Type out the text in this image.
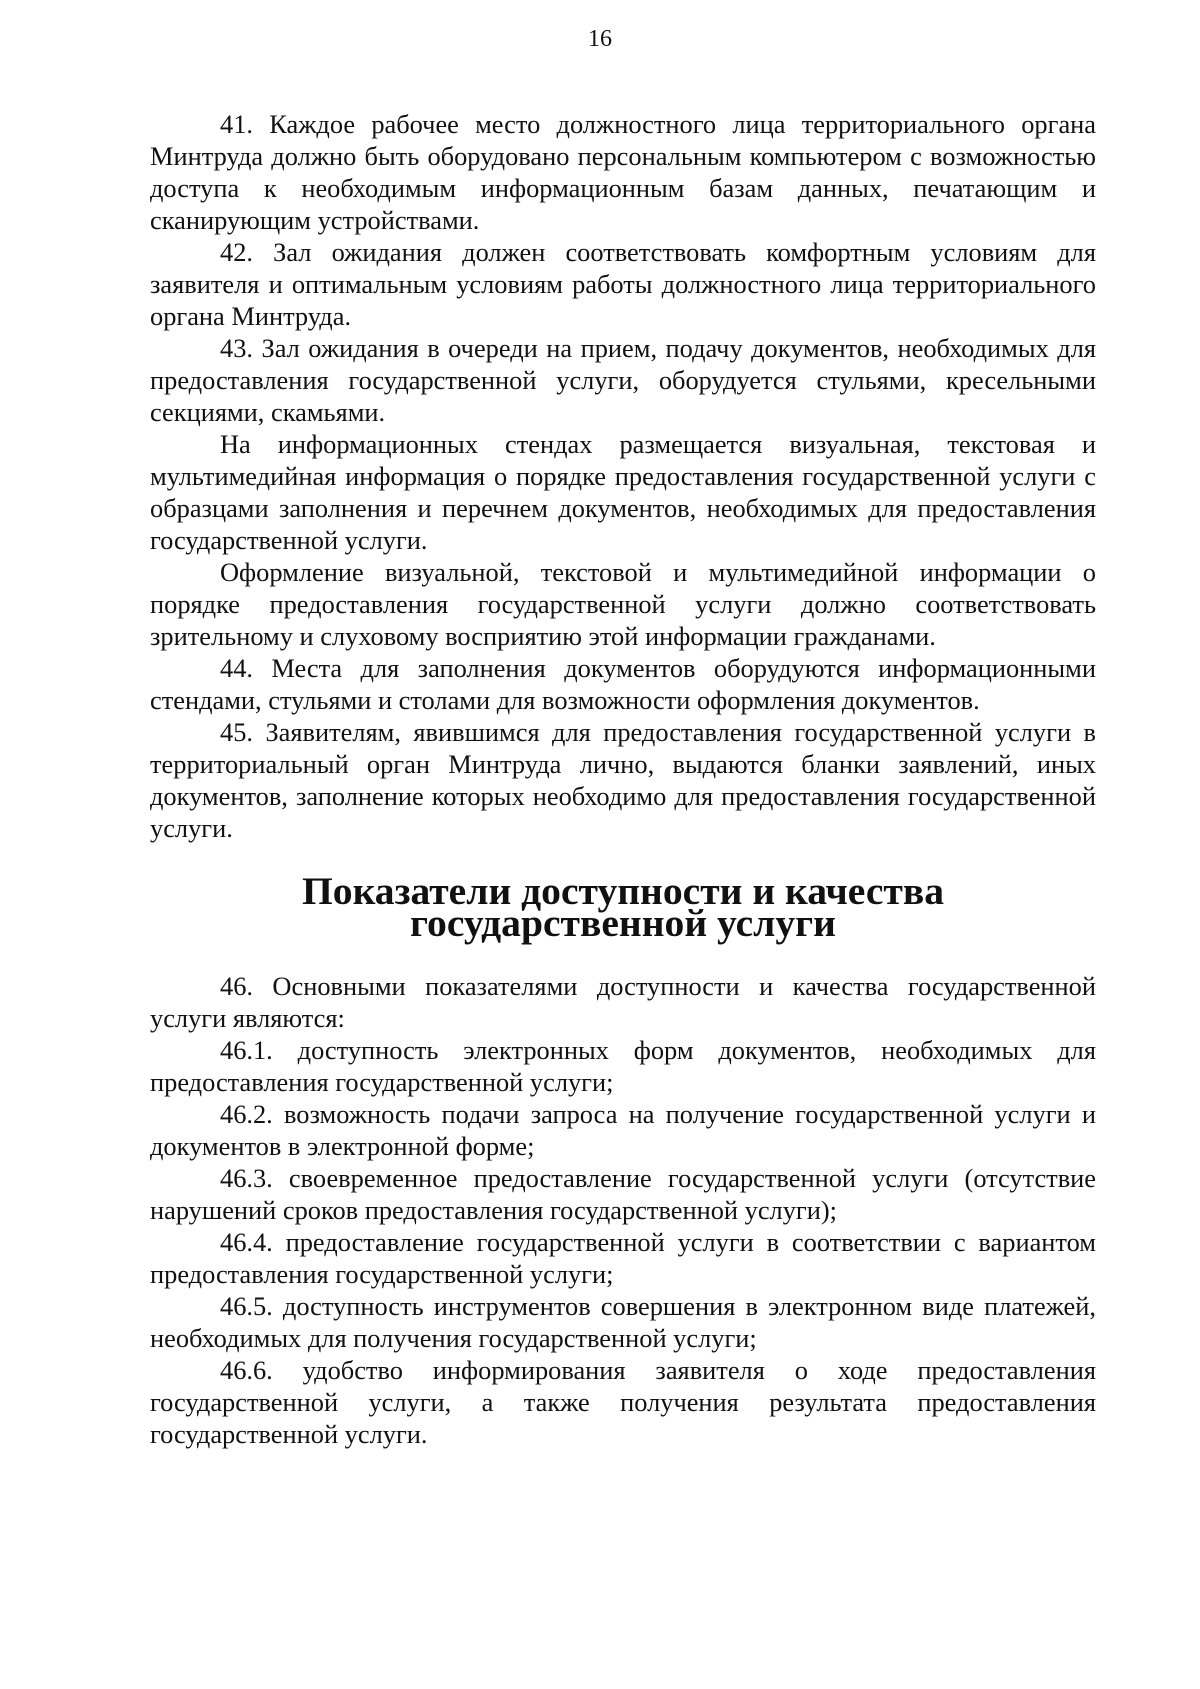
16

41. Каждое рабочее место должностного лица территориального органа Минтруда должно быть оборудовано персональным компьютером с возможностью доступа к необходимым информационным базам данных, печатающим и сканирующим устройствами.

42. Зал ожидания должен соответствовать комфортным условиям для заявителя и оптимальным условиям работы должностного лица территориального органа Минтруда.

43. Зал ожидания в очереди на прием, подачу документов, необходимых для предоставления государственной услуги, оборудуется стульями, кресельными секциями, скамьями.

На информационных стендах размещается визуальная, текстовая и мультимедийная информация о порядке предоставления государственной услуги с образцами заполнения и перечнем документов, необходимых для предоставления государственной услуги.

Оформление визуальной, текстовой и мультимедийной информации о порядке предоставления государственной услуги должно соответствовать зрительному и слуховому восприятию этой информации гражданами.

44. Места для заполнения документов оборудуются информационными стендами, стульями и столами для возможности оформления документов.

45. Заявителям, явившимся для предоставления государственной услуги в территориальный орган Минтруда лично, выдаются бланки заявлений, иных документов, заполнение которых необходимо для предоставления государственной услуги.

Показатели доступности и качества государственной услуги

46. Основными показателями доступности и качества государственной услуги являются:

46.1. доступность электронных форм документов, необходимых для предоставления государственной услуги;

46.2. возможность подачи запроса на получение государственной услуги и документов в электронной форме;

46.3. своевременное предоставление государственной услуги (отсутствие нарушений сроков предоставления государственной услуги);

46.4. предоставление государственной услуги в соответствии с вариантом предоставления государственной услуги;

46.5. доступность инструментов совершения в электронном виде платежей, необходимых для получения государственной услуги;

46.6. удобство информирования заявителя о ходе предоставления государственной услуги, а также получения результата предоставления государственной услуги.
